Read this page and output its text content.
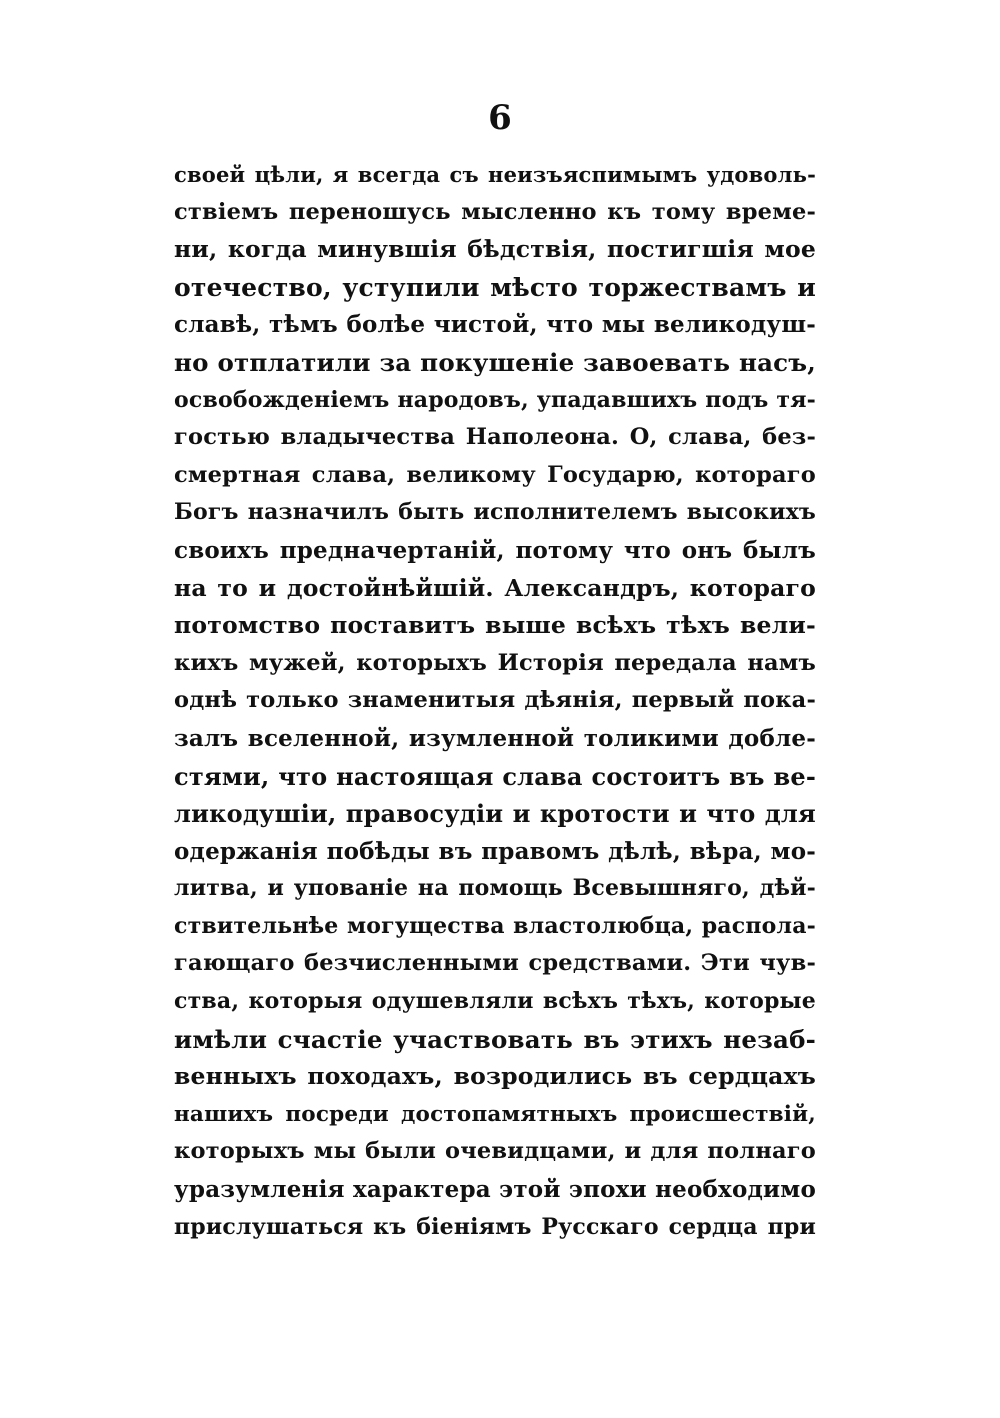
6
своей цѣли, я всегда съ неизъяспимымъ удоволь-
ствіемъ переношусь мысленно къ тому време-
ни, когда минувшія бѣдствія, постигшія мое
отечество, уступили мѣсто торжествамъ и
славѣ, тѣмъ болѣе чистой, что мы великодуш-
но отплатили за покушеніе завоевать насъ,
освобожденіемъ народовъ, упадавшихъ подъ тя-
гостью владычества Наполеона. О, слава, без-
смертная слава, великому Государю, котораго
Богъ назначилъ быть исполнителемъ высокихъ
своихъ предначертаній, потому что онъ былъ
на то и достойнѣйшій. Александръ, котораго
потомство поставитъ выше всѣхъ тѣхъ вели-
кихъ мужей, которыхъ Исторія передала намъ
однѣ только знаменитыя дѣянія, первый пока-
залъ вселенной, изумленной толикими добле-
стями, что настоящая слава состоитъ въ ве-
ликодушіи, правосудіи и кротости и что для
одержанія побѣды въ правомъ дѣлѣ, вѣра, мо-
литва, и упованіе на помощь Всевышняго, дѣй-
ствительнѣе могущества властолюбца, распола-
гающаго безчисленными средствами. Эти чув-
ства, которыя одушевляли всѣхъ тѣхъ, которые
имѣли счастіе участвовать въ этихъ незаб-
венныхъ походахъ, возродились въ сердцахъ
нашихъ посреди достопамятныхъ происшествій,
которыхъ мы были очевидцами, и для полнаго
уразумленія характера этой эпохи необходимо
прислушаться къ біеніямъ Русскаго сердца при
